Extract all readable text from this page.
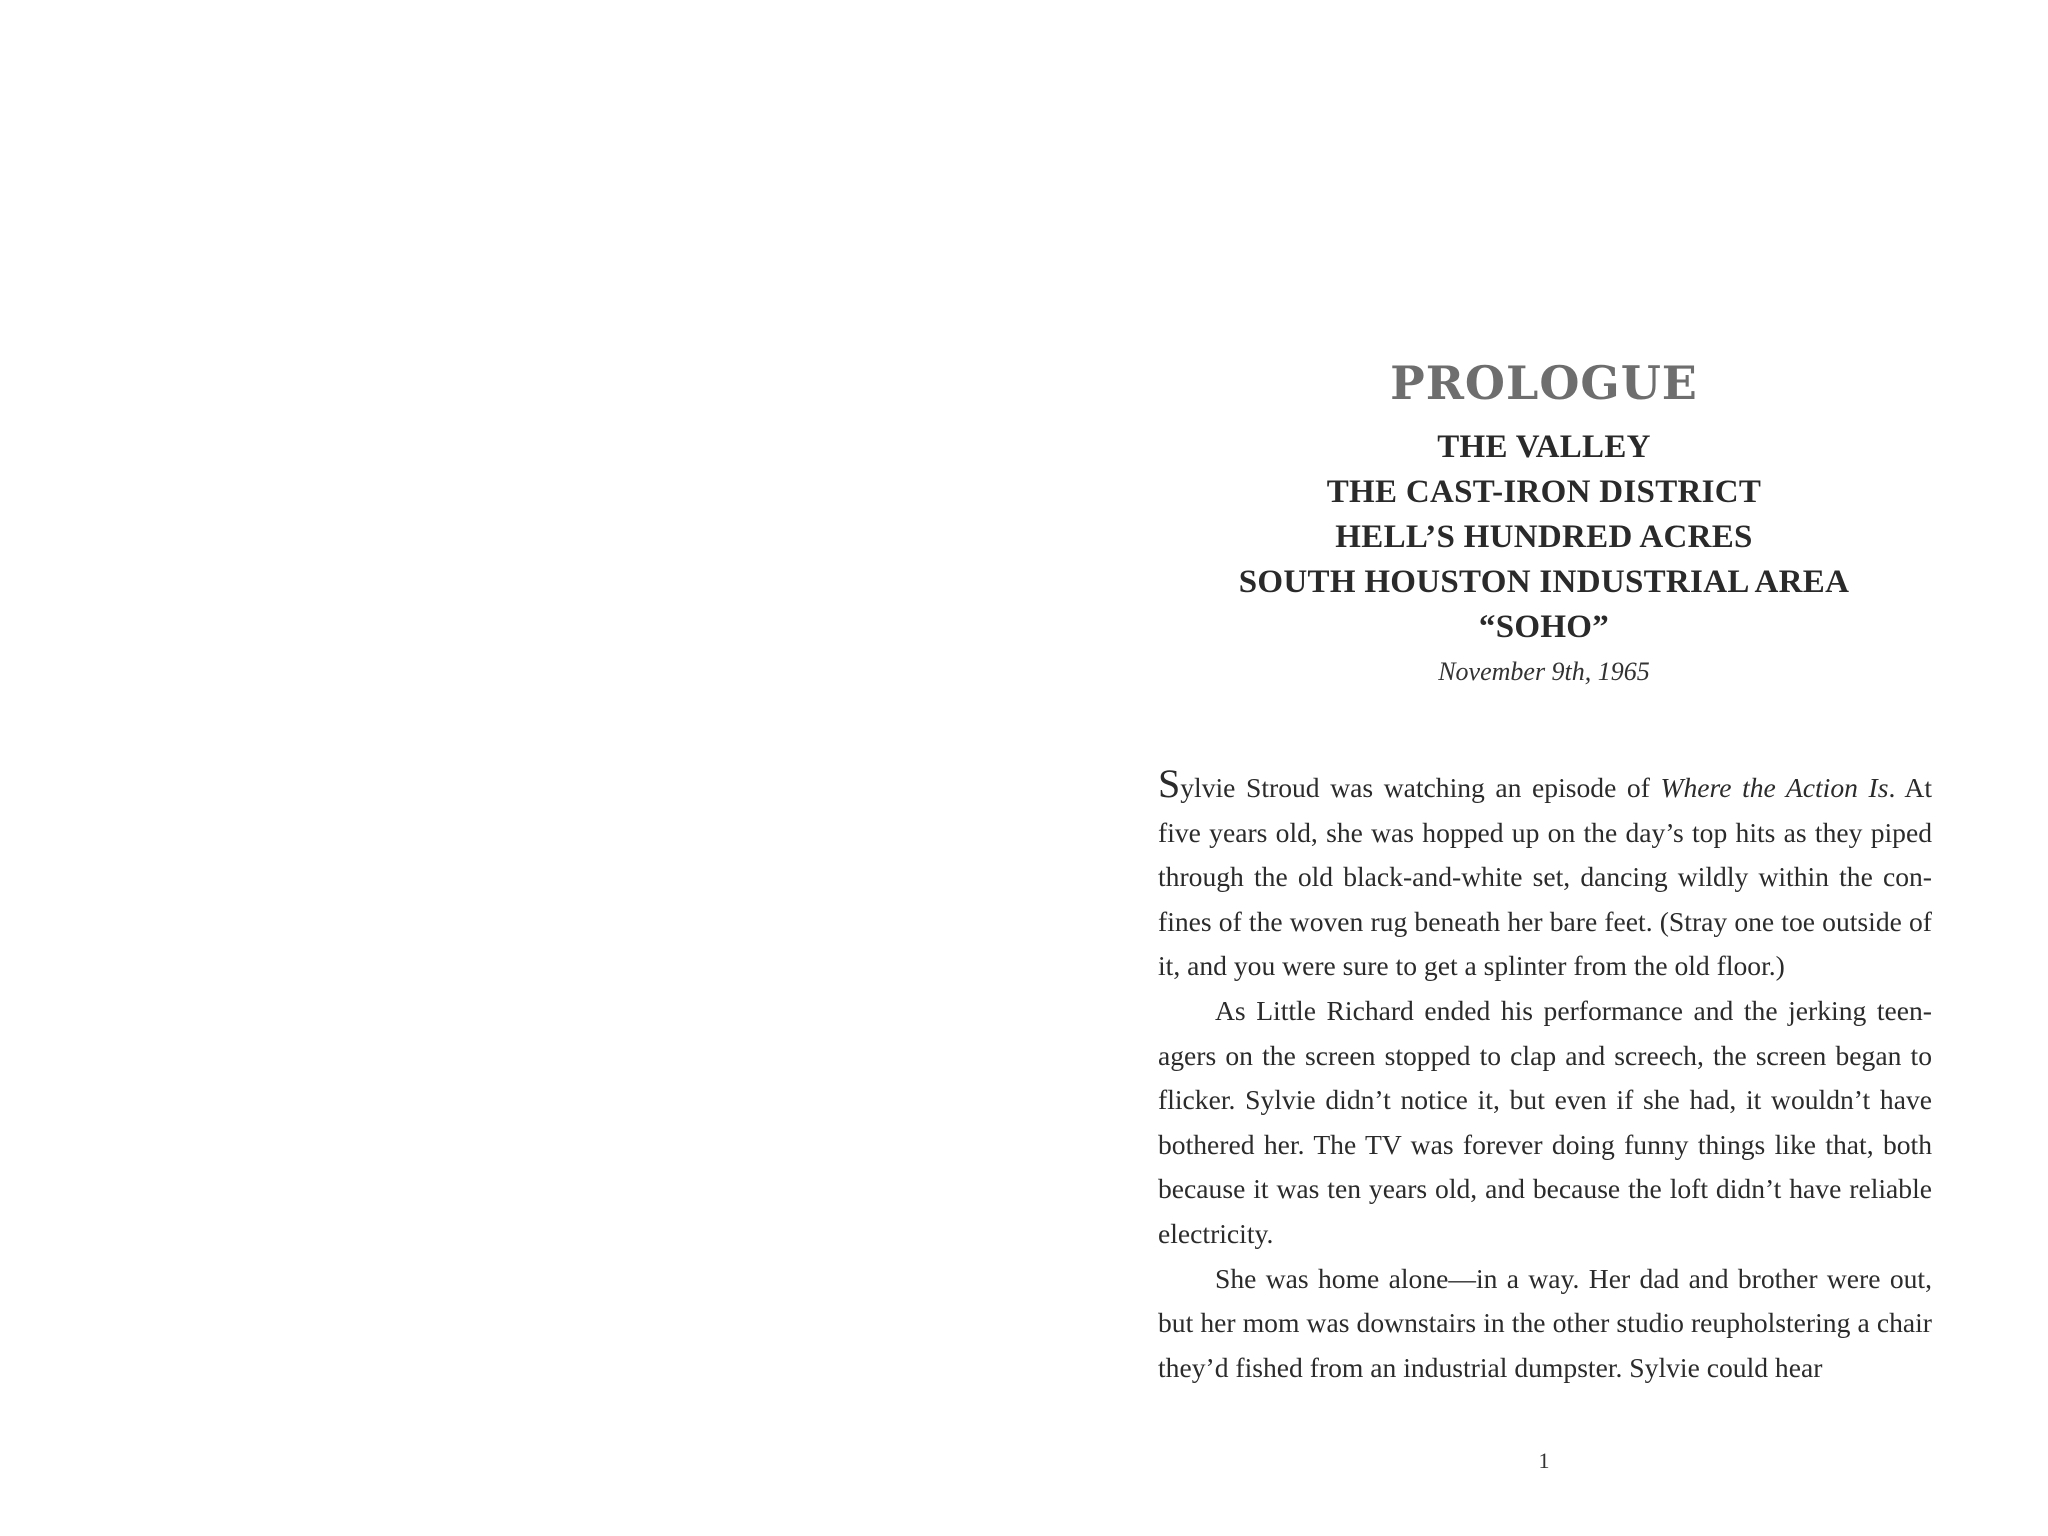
PROLOGUE
THE VALLEY
THE CAST-IRON DISTRICT
HELL’S HUNDRED ACRES
SOUTH HOUSTON INDUSTRIAL AREA
“SOHO”
November 9th, 1965

Sylvie Stroud was watching an episode of Where the Action Is. At five years old, she was hopped up on the day’s top hits as they piped through the old black-and-white set, dancing wildly within the confines of the woven rug beneath her bare feet. (Stray one toe outside of it, and you were sure to get a splinter from the old floor.)

As Little Richard ended his performance and the jerking teenagers on the screen stopped to clap and screech, the screen began to flicker. Sylvie didn’t notice it, but even if she had, it wouldn’t have bothered her. The TV was forever doing funny things like that, both because it was ten years old, and because the loft didn’t have reliable electricity.

She was home alone—in a way. Her dad and brother were out, but her mom was downstairs in the other studio reupholstering a chair they’d fished from an industrial dumpster. Sylvie could hear

1
